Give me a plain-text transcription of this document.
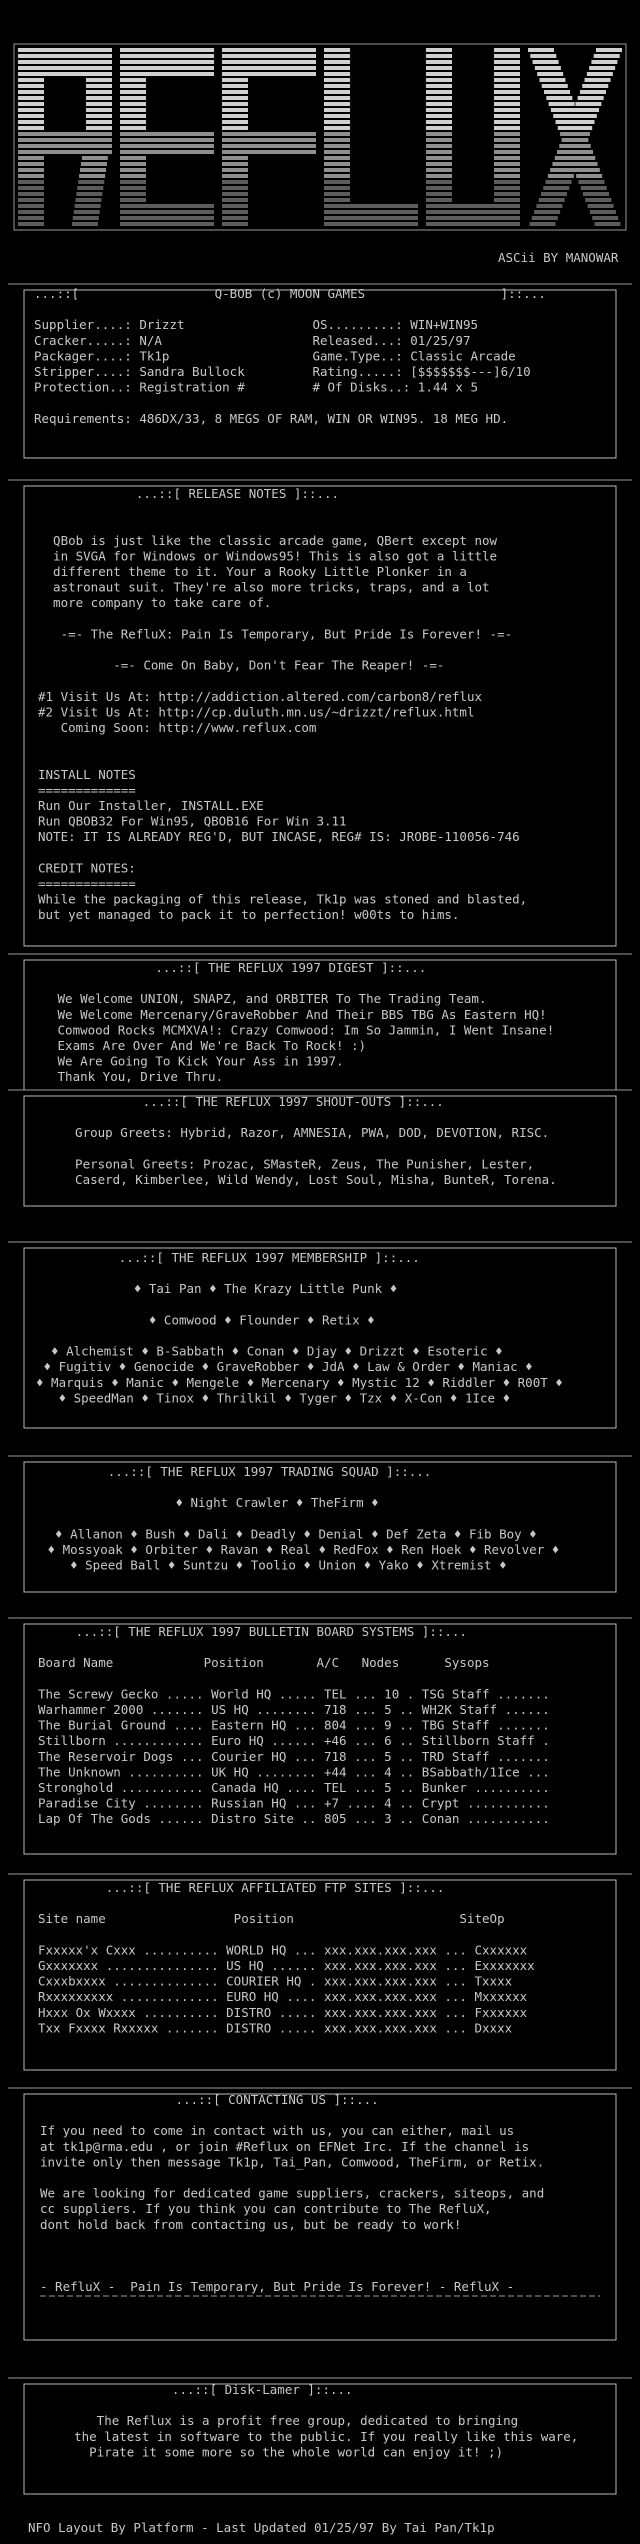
ASCii BY MANOWAR
...::[                  Q-BOB (c) MOON GAMES                  ]::...
Supplier....: Drizzt                 OS.........: WIN+WIN95
Cracker.....: N/A                    Released...: 01/25/97
Packager....: Tk1p                   Game.Type..: Classic Arcade
Stripper....: Sandra Bullock         Rating.....: [$$$$$$$---]6/10
Protection..: Registration #         # Of Disks..: 1.44 x 5
Requirements: 486DX/33, 8 MEGS OF RAM, WIN OR WIN95. 18 MEG HD.
...::[ RELEASE NOTES ]::...
QBob is just like the classic arcade game, QBert except now
in SVGA for Windows or Windows95! This is also got a little
different theme to it. Your a Rooky Little Plonker in a
astronaut suit. They're also more tricks, traps, and a lot
more company to take care of.
-=- The RefluX: Pain Is Temporary, But Pride Is Forever! -=-
-=- Come On Baby, Don't Fear The Reaper! -=-
#1 Visit Us At: http://addiction.altered.com/carbon8/reflux
#2 Visit Us At: http://cp.duluth.mn.us/~drizzt/reflux.html
Coming Soon: http://www.reflux.com
INSTALL NOTES
=============
Run Our Installer, INSTALL.EXE
Run QBOB32 For Win95, QBOB16 For Win 3.11
NOTE: IT IS ALREADY REG'D, BUT INCASE, REG# IS: JROBE-110056-746
CREDIT NOTES:
=============
While the packaging of this release, Tk1p was stoned and blasted,
but yet managed to pack it to perfection! w00ts to hims.
...::[ THE REFLUX 1997 DIGEST ]::...
We Welcome UNION, SNAPZ, and ORBITER To The Trading Team.
We Welcome Mercenary/GraveRobber And Their BBS TBG As Eastern HQ!
Comwood Rocks MCMXVA!: Crazy Comwood: Im So Jammin, I Went Insane!
Exams Are Over And We're Back To Rock! :)
We Are Going To Kick Your Ass in 1997.
Thank You, Drive Thru.
...::[ THE REFLUX 1997 SHOUT-OUTS ]::...
Group Greets: Hybrid, Razor, AMNESIA, PWA, DOD, DEVOTION, RISC.
Personal Greets: Prozac, SMasteR, Zeus, The Punisher, Lester,
Caserd, Kimberlee, Wild Wendy, Lost Soul, Misha, BunteR, Torena.
...::[ THE REFLUX 1997 MEMBERSHIP ]::...
♦ Tai Pan ♦ The Krazy Little Punk ♦
♦ Comwood ♦ Flounder ♦ Retix ♦
♦ Alchemist ♦ B-Sabbath ♦ Conan ♦ Djay ♦ Drizzt ♦ Esoteric ♦
♦ Fugitiv ♦ Genocide ♦ GraveRobber ♦ JdA ♦ Law & Order ♦ Maniac ♦
♦ Marquis ♦ Manic ♦ Mengele ♦ Mercenary ♦ Mystic 12 ♦ Riddler ♦ R00T ♦
♦ SpeedMan ♦ Tinox ♦ Thrilkil ♦ Tyger ♦ Tzx ♦ X-Con ♦ 1Ice ♦
...::[ THE REFLUX 1997 TRADING SQUAD ]::...
♦ Night Crawler ♦ TheFirm ♦
♦ Allanon ♦ Bush ♦ Dali ♦ Deadly ♦ Denial ♦ Def Zeta ♦ Fib Boy ♦
♦ Mossyoak ♦ Orbiter ♦ Ravan ♦ Real ♦ RedFox ♦ Ren Hoek ♦ Revolver ♦
♦ Speed Ball ♦ Suntzu ♦ Toolio ♦ Union ♦ Yako ♦ Xtremist ♦
...::[ THE REFLUX 1997 BULLETIN BOARD SYSTEMS ]::...
Board Name            Position       A/C   Nodes      Sysops
The Screwy Gecko ..... World HQ ..... TEL ... 10 . TSG Staff .......
Warhammer 2000 ....... US HQ ........ 718 ... 5 .. WH2K Staff ......
The Burial Ground .... Eastern HQ ... 804 ... 9 .. TBG Staff .......
Stillborn ............ Euro HQ ...... +46 ... 6 .. Stillborn Staff .
The Reservoir Dogs ... Courier HQ ... 718 ... 5 .. TRD Staff .......
The Unknown .......... UK HQ ........ +44 ... 4 .. BSabbath/1Ice ...
Stronghold ........... Canada HQ .... TEL ... 5 .. Bunker ..........
Paradise City ........ Russian HQ ... +7 .... 4 .. Crypt ...........
Lap Of The Gods ...... Distro Site .. 805 ... 3 .. Conan ...........
...::[ THE REFLUX AFFILIATED FTP SITES ]::...
Site name                 Position                      SiteOp
Fxxxxx'x Cxxx .......... WORLD HQ ... xxx.xxx.xxx.xxx ... Cxxxxxx
Gxxxxxxx ............... US HQ ...... xxx.xxx.xxx.xxx ... Exxxxxxx
Cxxxbxxxx .............. COURIER HQ . xxx.xxx.xxx.xxx ... Txxxx
Rxxxxxxxxx ............. EURO HQ .... xxx.xxx.xxx.xxx ... Mxxxxxx
Hxxx Ox Wxxxx .......... DISTRO ..... xxx.xxx.xxx.xxx ... Fxxxxxx
Txx Fxxxx Rxxxxx ....... DISTRO ..... xxx.xxx.xxx.xxx ... Dxxxx
...::[ CONTACTING US ]::...
If you need to come in contact with us, you can either, mail us
at tk1p@rma.edu , or join #Reflux on EFNet Irc. If the channel is
invite only then message Tk1p, Tai_Pan, Comwood, TheFirm, or Retix.
We are looking for dedicated game suppliers, crackers, siteops, and
cc suppliers. If you think you can contribute to The RefluX,
dont hold back from contacting us, but be ready to work!
- RefluX -  Pain Is Temporary, But Pride Is Forever! - RefluX -
...::[ Disk-Lamer ]::...
The Reflux is a profit free group, dedicated to bringing
the latest in software to the public. If you really like this ware,
Pirate it some more so the whole world can enjoy it! ;)
NFO Layout By Platform - Last Updated 01/25/97 By Tai Pan/Tk1p
